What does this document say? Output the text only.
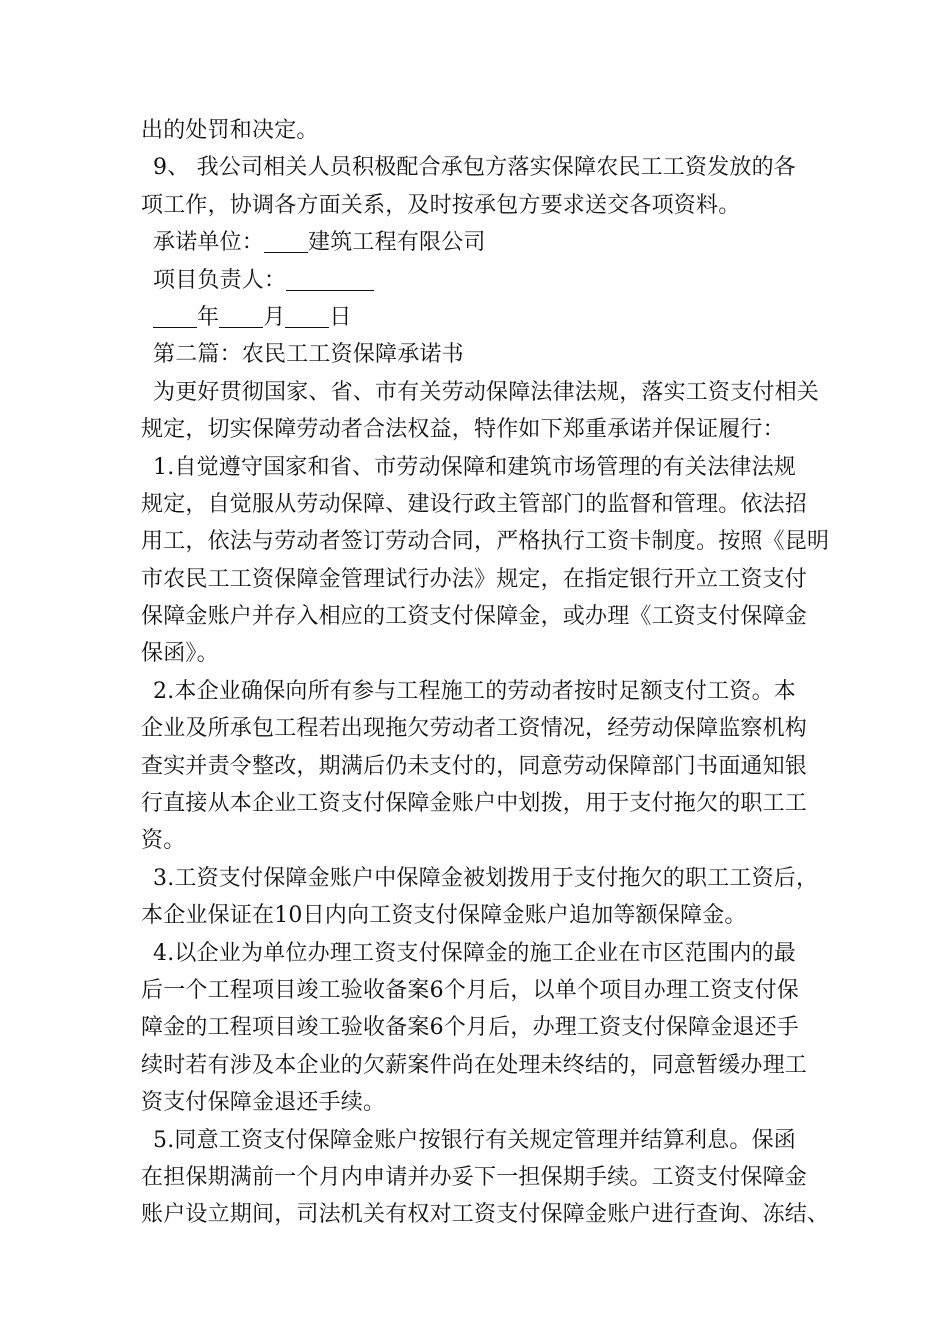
出的处罚和决定。
9、 我公司相关人员积极配合承包方落实保障农民工工资发放的各
项工作，协调各方面关系，及时按承包方要求送交各项资料。
承诺单位： 建筑工程有限公司
项目负责人：
年 月 日
第二篇：农民工工资保障承诺书
为更好贯彻国家、省、市有关劳动保障法律法规，落实工资支付相关
规定，切实保障劳动者合法权益，特作如下郑重承诺并保证履行：
1.自觉遵守国家和省、市劳动保障和建筑市场管理的有关法律法规
规定，自觉服从劳动保障、建设行政主管部门的监督和管理。依法招
用工，依法与劳动者签订劳动合同，严格执行工资卡制度。按照《昆明
市农民工工资保障金管理试行办法》规定，在指定银行开立工资支付
保障金账户并存入相应的工资支付保障金，或办理《工资支付保障金
保函》。
2.本企业确保向所有参与工程施工的劳动者按时足额支付工资。本
企业及所承包工程若出现拖欠劳动者工资情况，经劳动保障监察机构
查实并责令整改，期满后仍未支付的，同意劳动保障部门书面通知银
行直接从本企业工资支付保障金账户中划拨，用于支付拖欠的职工工
资。
3.工资支付保障金账户中保障金被划拨用于支付拖欠的职工工资后，
本企业保证在10日内向工资支付保障金账户追加等额保障金。
4.以企业为单位办理工资支付保障金的施工企业在市区范围内的最
后一个工程项目竣工验收备案6个月后，以单个项目办理工资支付保
障金的工程项目竣工验收备案6个月后，办理工资支付保障金退还手
续时若有涉及本企业的欠薪案件尚在处理未终结的，同意暂缓办理工
资支付保障金退还手续。
5.同意工资支付保障金账户按银行有关规定管理并结算利息。保函
在担保期满前一个月内申请并办妥下一担保期手续。工资支付保障金
账户设立期间，司法机关有权对工资支付保障金账户进行查询、冻结、
